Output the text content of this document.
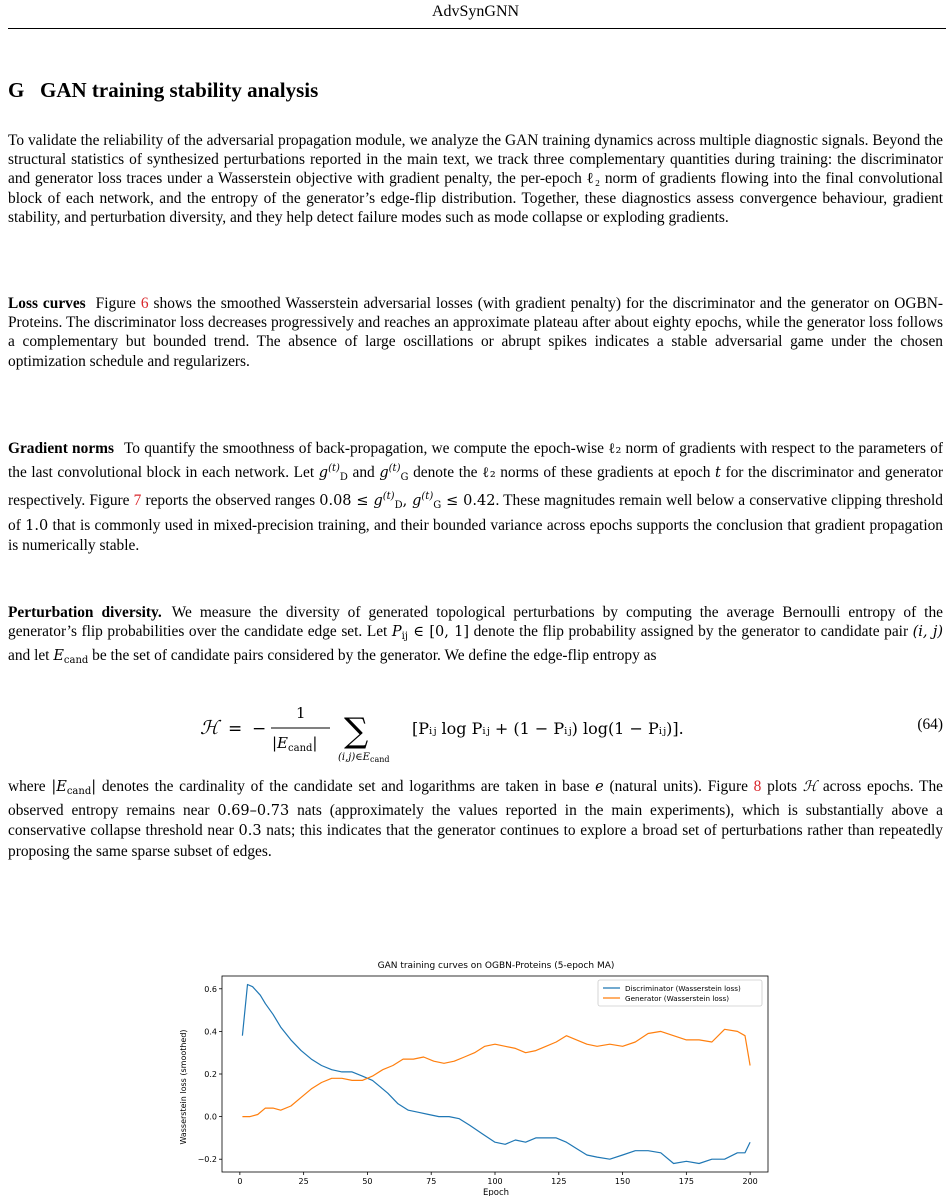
AdvSynGNN
G GAN training stability analysis

To validate the reliability of the adversarial propagation module, we analyze the GAN training dynamics across multiple diagnostic signals. Beyond the structural statistics of synthesized perturbations reported in the main text, we track three complementary quantities during training: the discriminator and generator loss traces under a Wasserstein objective with gradient penalty, the per-epoch ℓ₂ norm of gradients flowing into the final convolutional block of each network, and the entropy of the generator’s edge-flip distribution. Together, these diagnostics assess convergence behaviour, gradient stability, and perturbation diversity, and they help detect failure modes such as mode collapse or exploding gradients.

Loss curves Figure 6 shows the smoothed Wasserstein adversarial losses (with gradient penalty) for the discriminator and the generator on OGBN-Proteins. The discriminator loss decreases progressively and reaches an approximate plateau after about eighty epochs, while the generator loss follows a complementary but bounded trend. The absence of large oscillations or abrupt spikes indicates a stable adversarial game under the chosen optimization schedule and regularizers.

Gradient norms To quantify the smoothness of back-propagation, we compute the epoch-wise ℓ₂ norm of gradients with respect to the parameters of the last convolutional block in each network. Let $g^{(t)}_D$ and $g^{(t)}_G$ denote the ℓ₂ norms of these gradients at epoch t for the discriminator and generator respectively. Figure 7 reports the observed ranges $0.08 \le g^{(t)}_D$, $g^{(t)}_G \le 0.42$. These magnitudes remain well below a conservative clipping threshold of 1.0 that is commonly used in mixed-precision training, and their bounded variance across epochs supports the conclusion that gradient propagation is numerically stable.

Perturbation diversity. We measure the diversity of generated topological perturbations by computing the average Bernoulli entropy of the generator’s flip probabilities over the candidate edge set. Let $P_{ij}$ ∈ [0, 1] denote the flip probability assigned by the generator to candidate pair (i, j) and let $E_{cand}$ be the set of candidate pairs considered by the generator. We define the edge-flip entropy as

ℋ = −
1
$|E_{cand}|$ ∑
$(i,j)\in E_{cand}$
[Pᵢⱼ log Pᵢⱼ + (1 − Pᵢⱼ) log(1 − Pᵢⱼ)].	(64)

where $|E_{cand}|$ denotes the cardinality of the candidate set and logarithms are taken in base e (natural units). Figure 8 plots ℋ across epochs. The observed entropy remains near 0.69–0.73 nats (approximately the values reported in the main experiments), which is substantially above a conservative collapse threshold near 0.3 nats; this indicates that the generator continues to explore a broad set of perturbations rather than repeatedly proposing the same sparse subset of edges.

GAN training curves on OGBN-Proteins (5-epoch MA)
Epoch
Wasserstein loss (smoothed)
0	25	50	75	100	125	150	175	200
−0.2
0.0
0.2
0.4
0.6	Discriminator (Wasserstein loss)
Generator (Wasserstein loss)
